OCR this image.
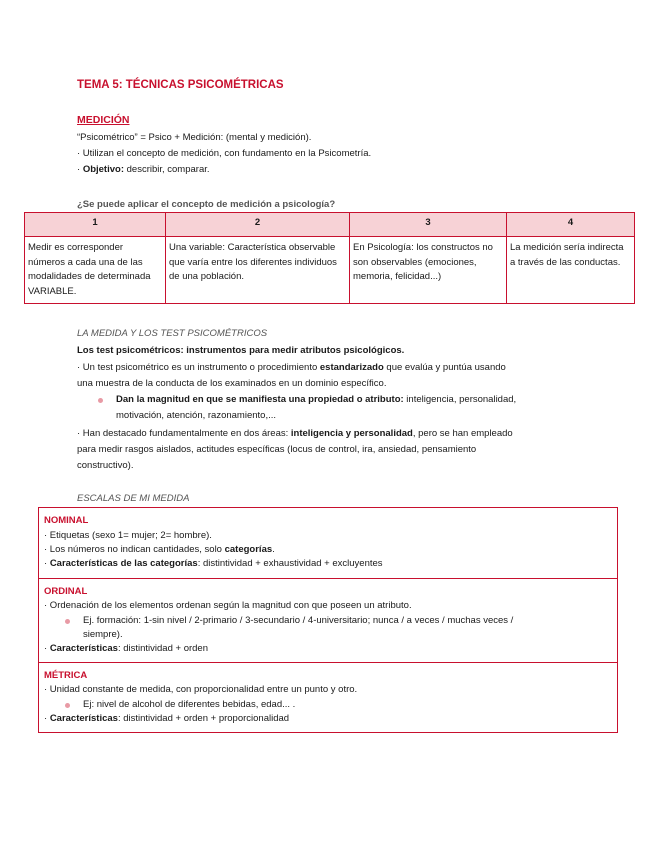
TEMA 5: TÉCNICAS PSICOMÉTRICAS
MEDICIÓN
“Psicométrico” = Psico + Medición: (mental y medición).
· Utilizan el concepto de medición, con fundamento en la Psicometría.
· Objetivo: describir, comparar.
¿Se puede aplicar el concepto de medición a psicología?
1	2	3	4
Medir es corresponder números a cada una de las modalidades de determinada VARIABLE.	Una variable: Característica observable que varía entre los diferentes individuos de una población.	En Psicología: los constructos no son observables (emociones, memoria, felicidad...)	La medición sería indirecta a través de las conductas.
LA MEDIDA Y LOS TEST PSICOMÉTRICOS
Los test psicométricos: instrumentos para medir atributos psicológicos.
· Un test psicométrico es un instrumento o procedimiento estandarizado que evalúa y puntúa usando
una muestra de la conducta de los examinados en un dominio específico.
Dan la magnitud en que se manifiesta una propiedad o atributo: inteligencia, personalidad,
motivación, atención, razonamiento,...
· Han destacado fundamentalmente en dos áreas: inteligencia y personalidad, pero se han empleado
para medir rasgos aislados, actitudes específicas (locus de control, ira, ansiedad, pensamiento
constructivo).
ESCALAS DE MI MEDIDA
NOMINAL
· Etiquetas (sexo 1= mujer; 2= hombre).
· Los números no indican cantidades, solo categorías.
· Características de las categorías: distintividad + exhaustividad + excluyentes
ORDINAL
· Ordenación de los elementos ordenan según la magnitud con que poseen un atributo.
Ej. formación: 1-sin nivel / 2-primario / 3-secundario / 4-universitario; nunca / a veces / muchas veces /
siempre).
· Características: distintividad + orden
MÉTRICA
· Unidad constante de medida, con proporcionalidad entre un punto y otro.
Ej: nivel de alcohol de diferentes bebidas, edad... .
· Características: distintividad + orden + proporcionalidad
